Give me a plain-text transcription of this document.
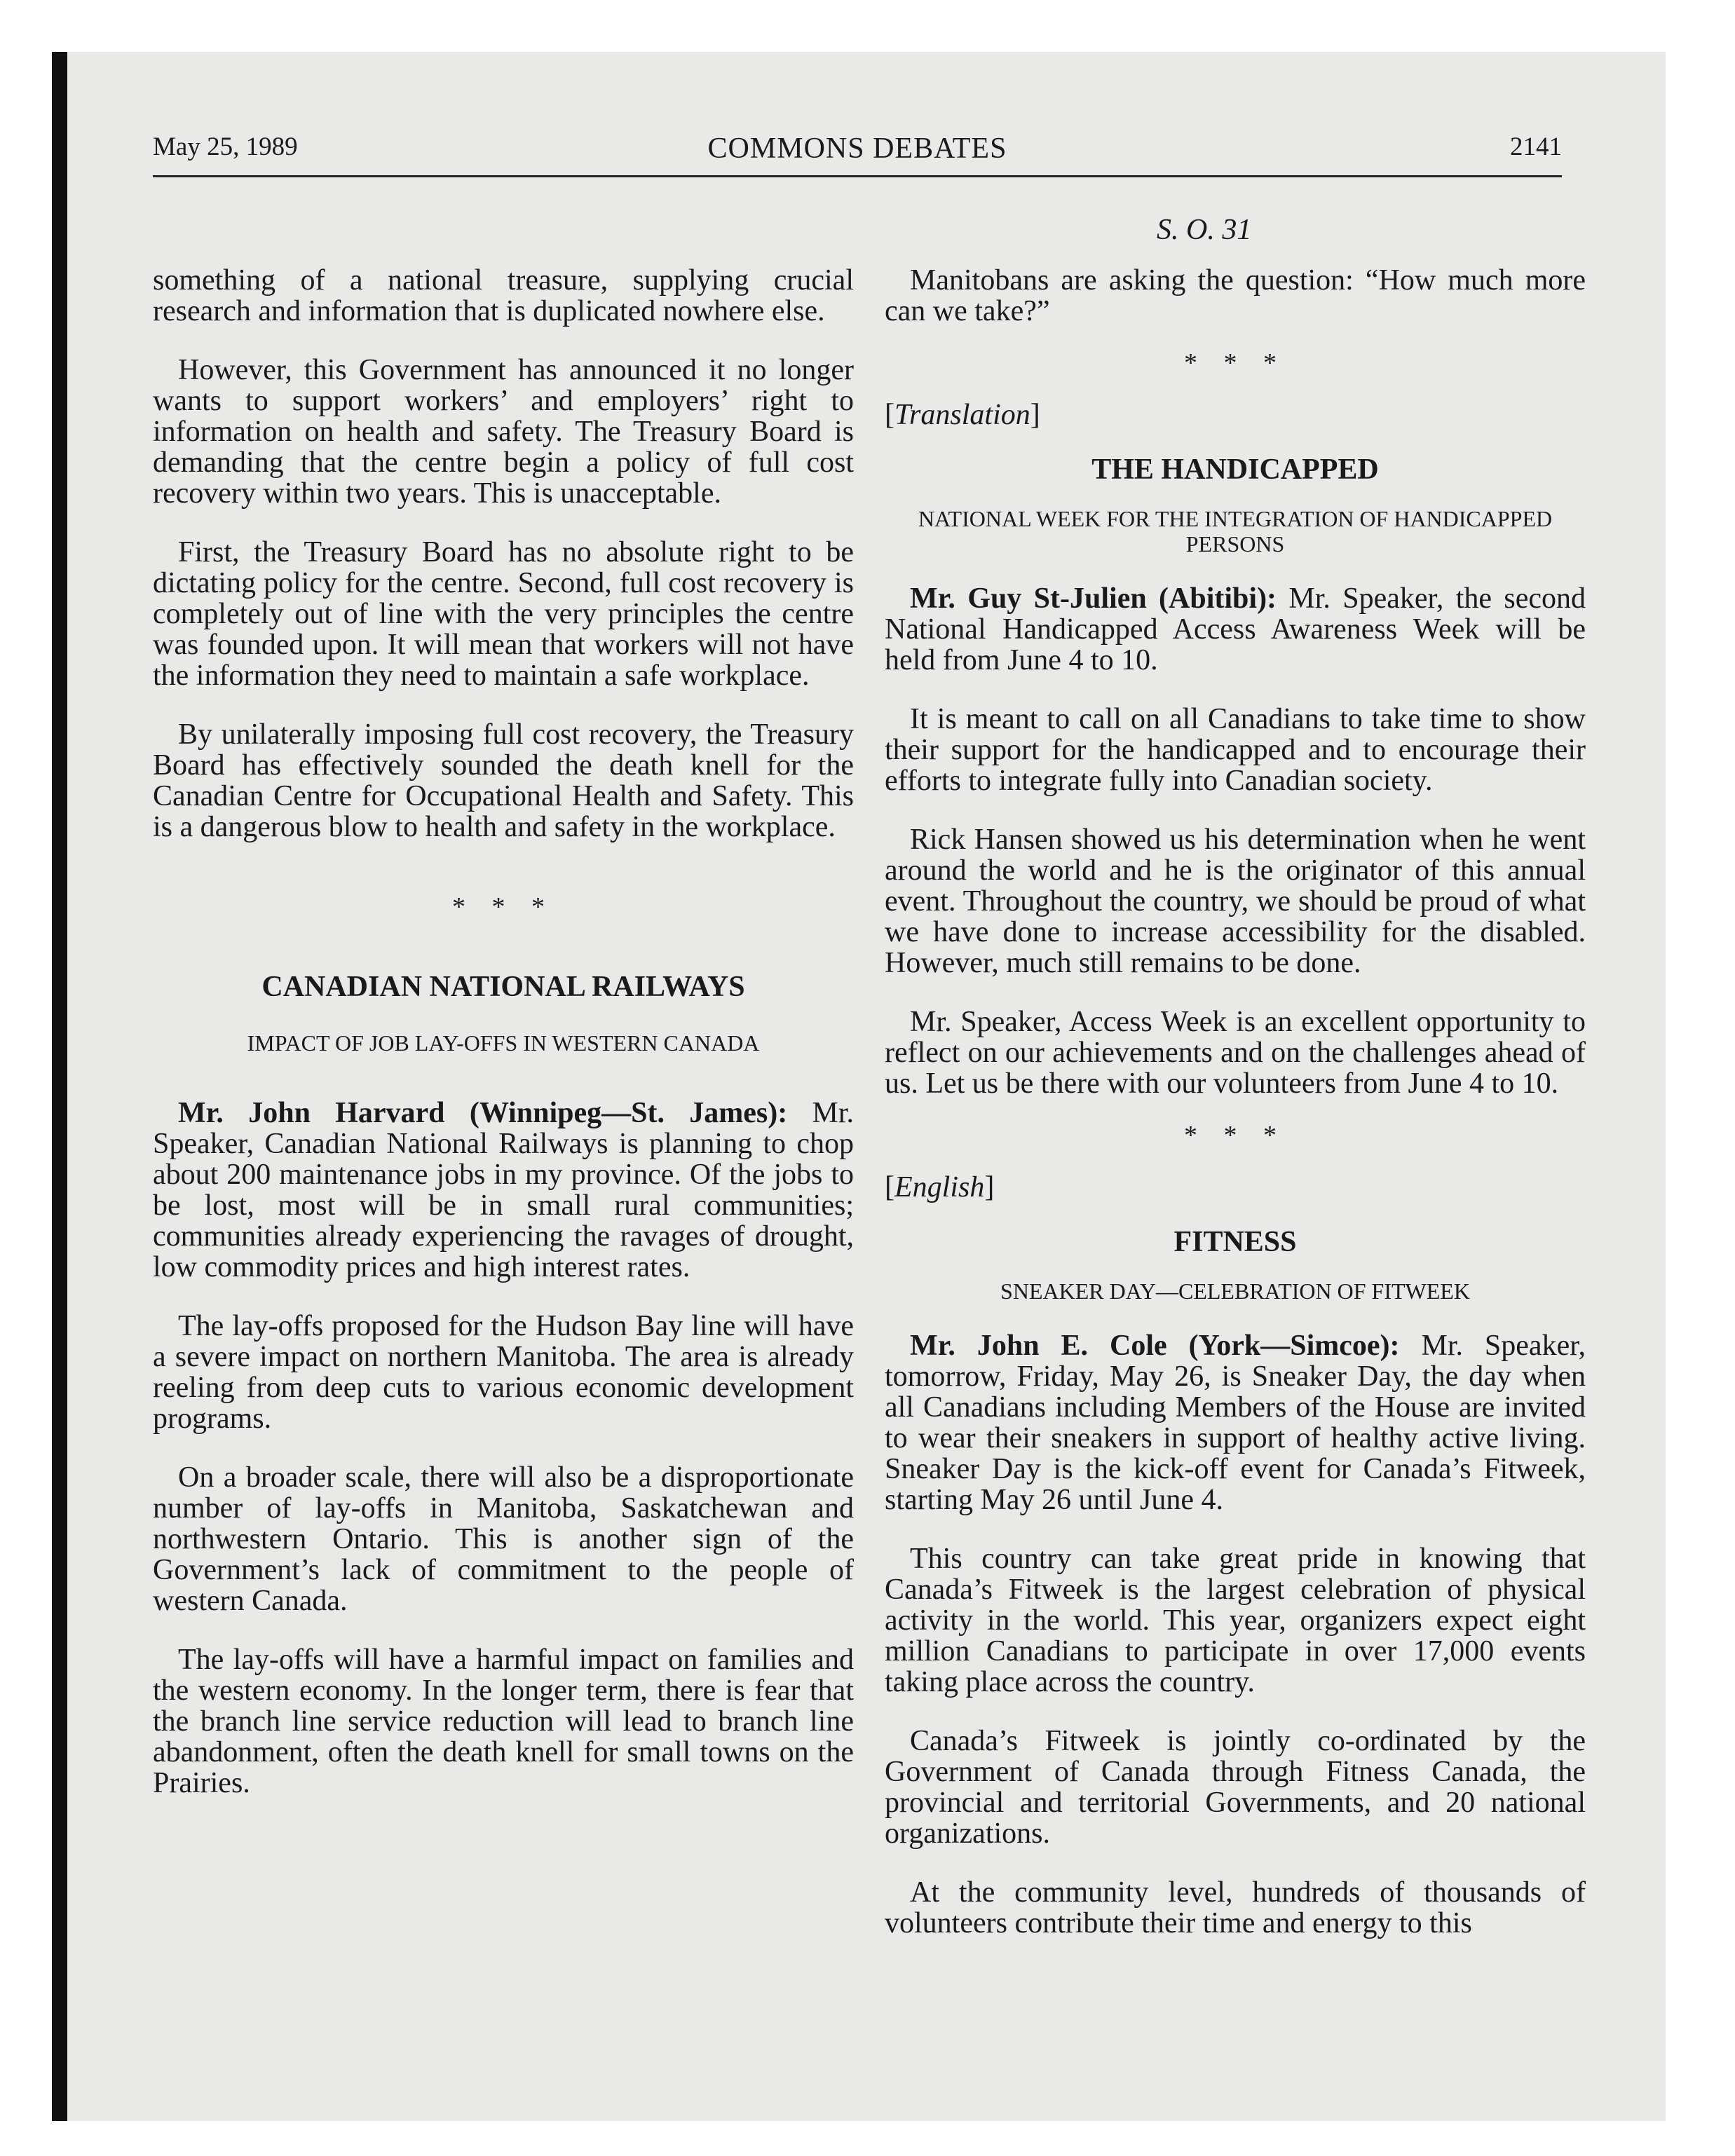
May 25, 1989	COMMONS DEBATES	2141
S. O. 31

something of a national treasure, supplying crucial research and information that is duplicated nowhere else.

However, this Government has announced it no longer wants to support workers’ and employers’ right to information on health and safety. The Treasury Board is demanding that the centre begin a policy of full cost recovery within two years. This is unacceptable.

First, the Treasury Board has no absolute right to be dictating policy for the centre. Second, full cost recovery is completely out of line with the very principles the centre was founded upon. It will mean that workers will not have the information they need to maintain a safe workplace.

By unilaterally imposing full cost recovery, the Treasury Board has effectively sounded the death knell for the Canadian Centre for Occupational Health and Safety. This is a dangerous blow to health and safety in the workplace.

* * *
CANADIAN NATIONAL RAILWAYS
IMPACT OF JOB LAY-OFFS IN WESTERN CANADA

Mr. John Harvard (Winnipeg—St. James): Mr. Speaker, Canadian National Railways is planning to chop about 200 maintenance jobs in my province. Of the jobs to be lost, most will be in small rural communities; communities already experiencing the ravages of drought, low commodity prices and high interest rates.

The lay-offs proposed for the Hudson Bay line will have a severe impact on northern Manitoba. The area is already reeling from deep cuts to various economic development programs.

On a broader scale, there will also be a disproportionate number of lay-offs in Manitoba, Saskatchewan and northwestern Ontario. This is another sign of the Government’s lack of commitment to the people of western Canada.

The lay-offs will have a harmful impact on families and the western economy. In the longer term, there is fear that the branch line service reduction will lead to branch line abandonment, often the death knell for small towns on the Prairies.

Manitobans are asking the question: “How much more can we take?”

* * *
[Translation]
THE HANDICAPPED
NATIONAL WEEK FOR THE INTEGRATION OF HANDICAPPED PERSONS

Mr. Guy St-Julien (Abitibi): Mr. Speaker, the second National Handicapped Access Awareness Week will be held from June 4 to 10.

It is meant to call on all Canadians to take time to show their support for the handicapped and to encourage their efforts to integrate fully into Canadian society.

Rick Hansen showed us his determination when he went around the world and he is the originator of this annual event. Throughout the country, we should be proud of what we have done to increase accessibility for the disabled. However, much still remains to be done.

Mr. Speaker, Access Week is an excellent opportunity to reflect on our achievements and on the challenges ahead of us. Let us be there with our volunteers from June 4 to 10.

* * *
[English]
FITNESS
SNEAKER DAY—CELEBRATION OF FITWEEK

Mr. John E. Cole (York—Simcoe): Mr. Speaker, tomorrow, Friday, May 26, is Sneaker Day, the day when all Canadians including Members of the House are invited to wear their sneakers in support of healthy active living. Sneaker Day is the kick-off event for Canada’s Fitweek, starting May 26 until June 4.

This country can take great pride in knowing that Canada’s Fitweek is the largest celebration of physical activity in the world. This year, organizers expect eight million Canadians to participate in over 17,000 events taking place across the country.

Canada’s Fitweek is jointly co-ordinated by the Government of Canada through Fitness Canada, the provincial and territorial Governments, and 20 national organizations.

At the community level, hundreds of thousands of volunteers contribute their time and energy to this
